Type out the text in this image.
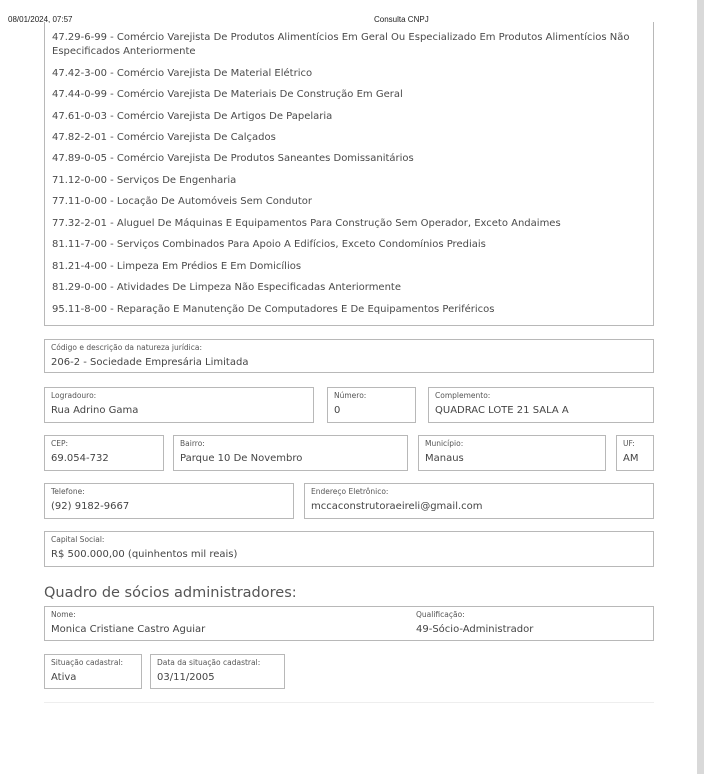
08/01/2024, 07:57	Consulta CNPJ
47.29-6-99 - Comércio Varejista De Produtos Alimentícios Em Geral Ou Especializado Em Produtos Alimentícios Não Especificados Anteriormente
47.42-3-00 - Comércio Varejista De Material Elétrico
47.44-0-99 - Comércio Varejista De Materiais De Construção Em Geral
47.61-0-03 - Comércio Varejista De Artigos De Papelaria
47.82-2-01 - Comércio Varejista De Calçados
47.89-0-05 - Comércio Varejista De Produtos Saneantes Domissanitários
71.12-0-00 - Serviços De Engenharia
77.11-0-00 - Locação De Automóveis Sem Condutor
77.32-2-01 - Aluguel De Máquinas E Equipamentos Para Construção Sem Operador, Exceto Andaimes
81.11-7-00 - Serviços Combinados Para Apoio A Edifícios, Exceto Condomínios Prediais
81.21-4-00 - Limpeza Em Prédios E Em Domicílios
81.29-0-00 - Atividades De Limpeza Não Especificadas Anteriormente
95.11-8-00 - Reparação E Manutenção De Computadores E De Equipamentos Periféricos
Código e descrição da natureza jurídica:
206-2 - Sociedade Empresária Limitada
Logradouro:
Rua Adrino Gama
Número:
0
Complemento:
QUADRAC LOTE 21 SALA A
CEP:
69.054-732
Bairro:
Parque 10 De Novembro
Município:
Manaus
UF:
AM
Telefone:
(92) 9182-9667
Endereço Eletrônico:
mccaconstrutoraeireli@gmail.com
Capital Social:
R$ 500.000,00 (quinhentos mil reais)
Quadro de sócios administradores:
Nome:
Monica Cristiane Castro Aguiar
Qualificação:
49-Sócio-Administrador
Situação cadastral:
Ativa
Data da situação cadastral:
03/11/2005
